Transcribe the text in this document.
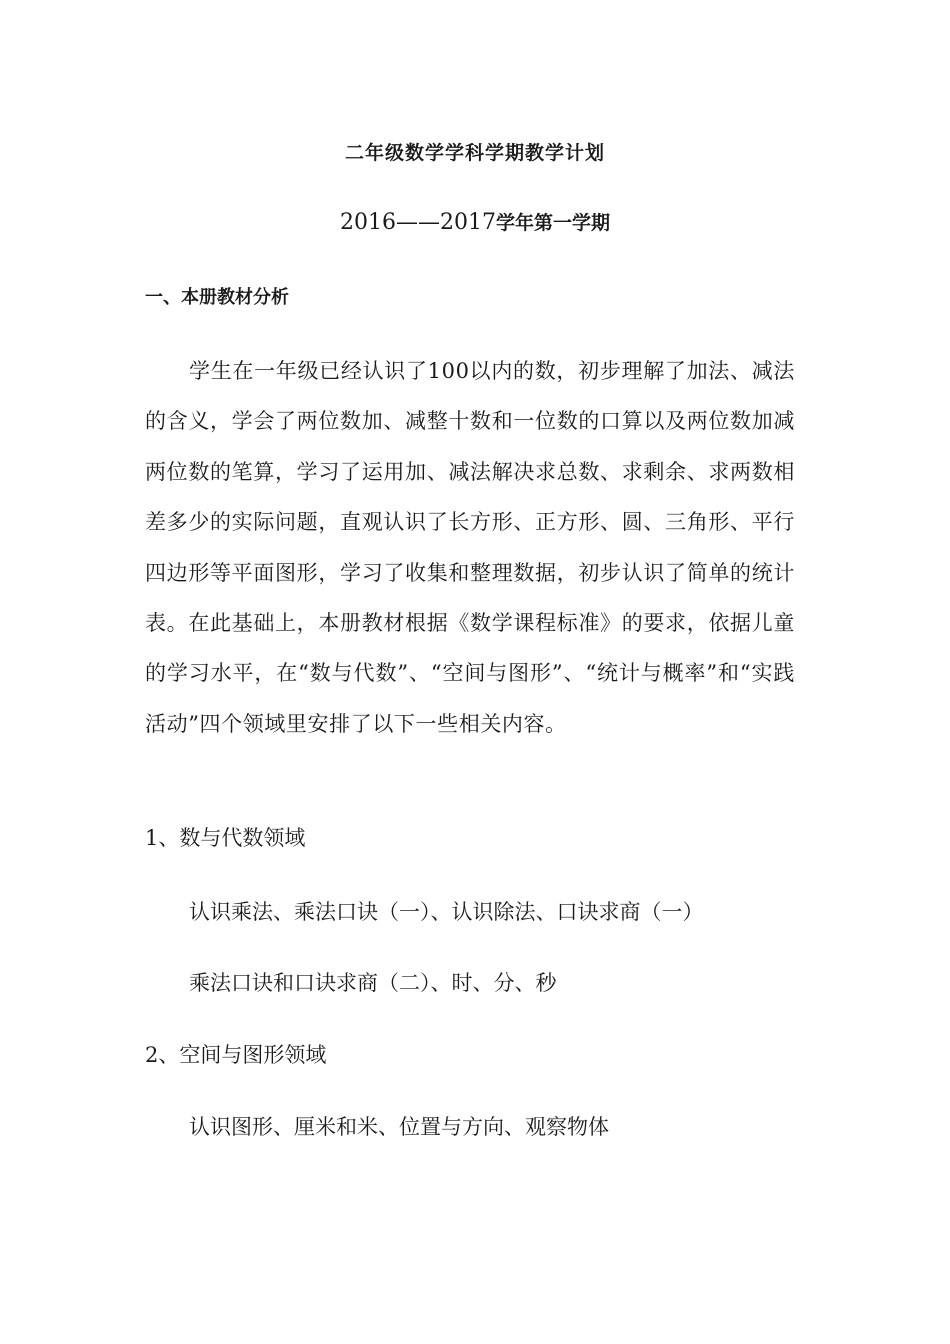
二年级数学学科学期教学计划
2016——2017学年第一学期
一、本册教材分析

学生在一年级已经认识了100以内的数，初步理解了加法、减法的含义，学会了两位数加、减整十数和一位数的口算以及两位数加减两位数的笔算，学习了运用加、减法解决求总数、求剩余、求两数相差多少的实际问题，直观认识了长方形、正方形、圆、三角形、平行四边形等平面图形，学习了收集和整理数据，初步认识了简单的统计表。在此基础上，本册教材根据《数学课程标准》的要求，依据儿童的学习水平，在“数与代数”、“空间与图形”、“统计与概率”和“实践活动”四个领域里安排了以下一些相关内容。

1、数与代数领域
认识乘法、乘法口诀（一）、认识除法、口诀求商（一）
乘法口诀和口诀求商（二）、时、分、秒
2、空间与图形领域
认识图形、厘米和米、位置与方向、观察物体
